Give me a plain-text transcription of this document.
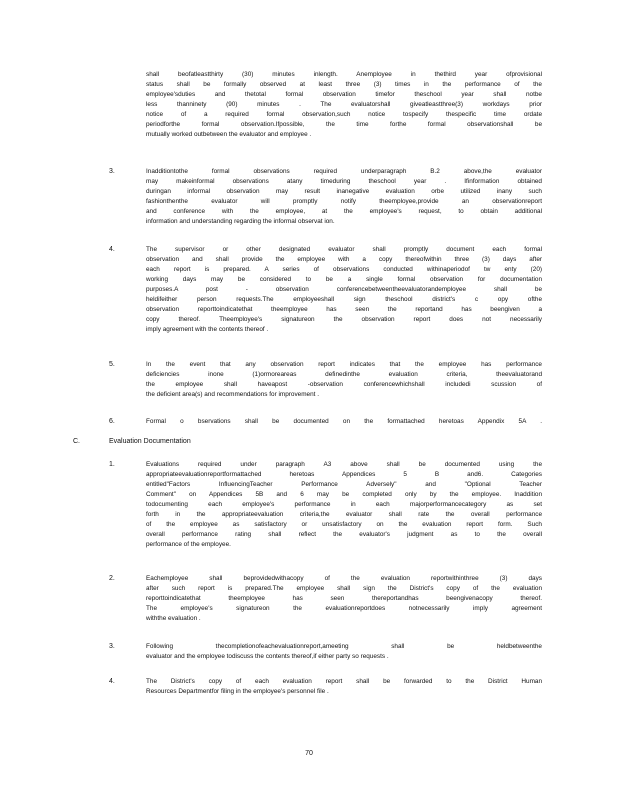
shall beofatleastthirty (30) minutes inlength. Anemployee in thethird year ofprovisional
status shall be formally observed at least three (3) times in the performance of the
employee'sduties and thetotal formal observation timefor theschool year shall notbe
less thanninety (90) minutes . The evaluatorshall giveatleastthree(3) workdays prior
notice of a required formal observation,such notice tospecify thespecific time ordate
periodforthe formal observation.Ifpossible, the time forthe formal observationshall be
mutually worked outbetween the evaluator and employee .
3.	Inadditiontothe formal observations required underparagraph B.2 above,the evaluator
may makeinformal observations atany timeduring theschool year . Ifinformation obtained
duringan informal observation may result inanegative evaluation orbe utilized inany such
fashionthenthe evaluator will promptly notify theemployee,provide an observationreport
and conference with the employee, at the employee's request, to obtain additional
information and understanding regarding the informal observat ion.
4.	The supervisor or other designated evaluator shall promptly document each formal
observation and shall provide the employee with a copy thereofwithin three (3) days after
each report is prepared. A series of observations conducted withinaperiodof tw enty (20)
working days may be considered to be a single formal observation for documentation
purposes.A post - observation conferencebetweentheevaluatorandemployee shall be
heldifeither person requests.The employeeshall sign theschool district's c opy ofthe
observation reporttoindicatethat theemployee has seen the reportand has beengiven a
copy thereof. Theemployee's signatureon the observation report does not necessarily
imply agreement with the contents thereof .
5.	In the event that any observation report indicates that the employee has performance
deficiencies inone (1)ormoreareas definedinthe evaluation criteria, theevaluatorand
the employee shall haveapost -observation conferencewhichshall includedi scussion of
the deficient area(s) and recommendations for improvement .
6.	Formal o bservations shall be documented on the formattached heretoas Appendix 5A .
C.	Evaluation Documentation
1.	Evaluations required under paragraph A3 above shall be documented using the
appropriateevaluationreportformattached heretoas Appendices 5 B and6. Categories
entitled"Factors InfluencingTeacher Performance Adversely" and "Optional Teacher
Comment" on Appendices 5B and 6 may be completed only by the employee. Inaddition
todocumenting each employee's performance in each majorperformancecategory as set
forth in the appropriateevaluation criteria,the evaluator shall rate the overall performance
of the employee as satisfactory or unsatisfactory on the evaluation report form. Such
overall performance rating shall reflect the evaluator's judgment as to the overall
performance of the employee.
2.	Eachemployee shall beprovidedwithacopy of the evaluation reportwithinthree (3) days
after such report is prepared.The employee shall sign the District's copy of the evaluation
reporttoindicatethat theemployee has seen thereportandhas beengivenacopy thereof.
The employee's signatureon the evaluationreportdoes notnecessarily imply agreement
withthe evaluation .
3.	Following thecompletionofeachevaluationreport,ameeting shall be heldbetweenthe
evaluator and the employee todiscuss the contents thereof,if either party so requests .
4.	The District's copy of each evaluation report shall be forwarded to the District Human
Resources Departmentfor filing in the employee's personnel file .
70
